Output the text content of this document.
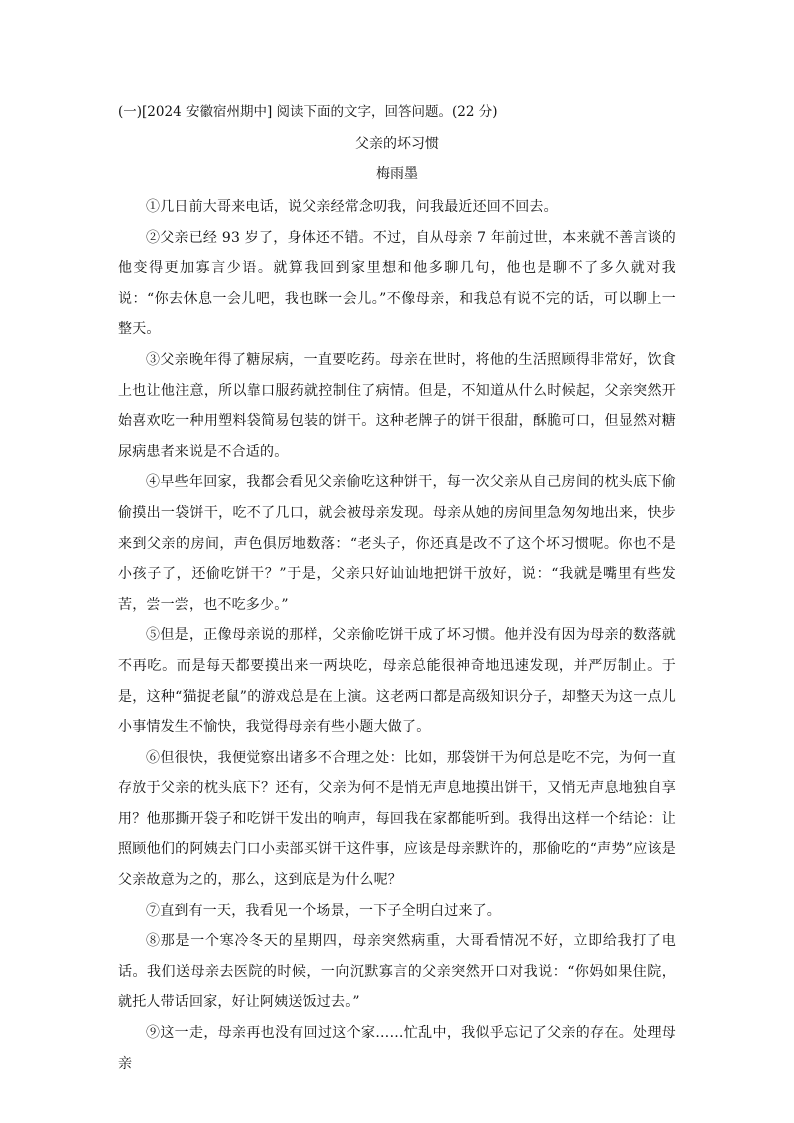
(一)[2024 安徽宿州期中] 阅读下面的文字，回答问题。(22 分)

父亲的坏习惯

梅雨墨

①几日前大哥来电话，说父亲经常念叨我，问我最近还回不回去。

②父亲已经 93 岁了，身体还不错。不过，自从母亲 7 年前过世，本来就不善言谈的他变得更加寡言少语。就算我回到家里想和他多聊几句，他也是聊不了多久就对我说：“你去休息一会儿吧，我也眯一会儿。”不像母亲，和我总有说不完的话，可以聊上一整天。

③父亲晚年得了糖尿病，一直要吃药。母亲在世时，将他的生活照顾得非常好，饮食上也让他注意，所以靠口服药就控制住了病情。但是，不知道从什么时候起，父亲突然开始喜欢吃一种用塑料袋简易包装的饼干。这种老牌子的饼干很甜，酥脆可口，但显然对糖尿病患者来说是不合适的。

④早些年回家，我都会看见父亲偷吃这种饼干，每一次父亲从自己房间的枕头底下偷偷摸出一袋饼干，吃不了几口，就会被母亲发现。母亲从她的房间里急匆匆地出来，快步来到父亲的房间，声色俱厉地数落：“老头子，你还真是改不了这个坏习惯呢。你也不是小孩子了，还偷吃饼干？”于是，父亲只好讪讪地把饼干放好，说：“我就是嘴里有些发苦，尝一尝，也不吃多少。”

⑤但是，正像母亲说的那样，父亲偷吃饼干成了坏习惯。他并没有因为母亲的数落就不再吃。而是每天都要摸出来一两块吃，母亲总能很神奇地迅速发现，并严厉制止。于是，这种“猫捉老鼠”的游戏总是在上演。这老两口都是高级知识分子，却整天为这一点儿小事情发生不愉快，我觉得母亲有些小题大做了。

⑥但很快，我便觉察出诸多不合理之处：比如，那袋饼干为何总是吃不完，为何一直存放于父亲的枕头底下？还有，父亲为何不是悄无声息地摸出饼干，又悄无声息地独自享用？他那撕开袋子和吃饼干发出的响声，每回我在家都能听到。我得出这样一个结论：让照顾他们的阿姨去门口小卖部买饼干这件事，应该是母亲默许的，那偷吃的“声势”应该是父亲故意为之的，那么，这到底是为什么呢？

⑦直到有一天，我看见一个场景，一下子全明白过来了。

⑧那是一个寒冷冬天的星期四，母亲突然病重，大哥看情况不好，立即给我打了电话。我们送母亲去医院的时候，一向沉默寡言的父亲突然开口对我说：“你妈如果住院，就托人带话回家，好让阿姨送饭过去。”

⑨这一走，母亲再也没有回过这个家……忙乱中，我似乎忘记了父亲的存在。处理母亲
